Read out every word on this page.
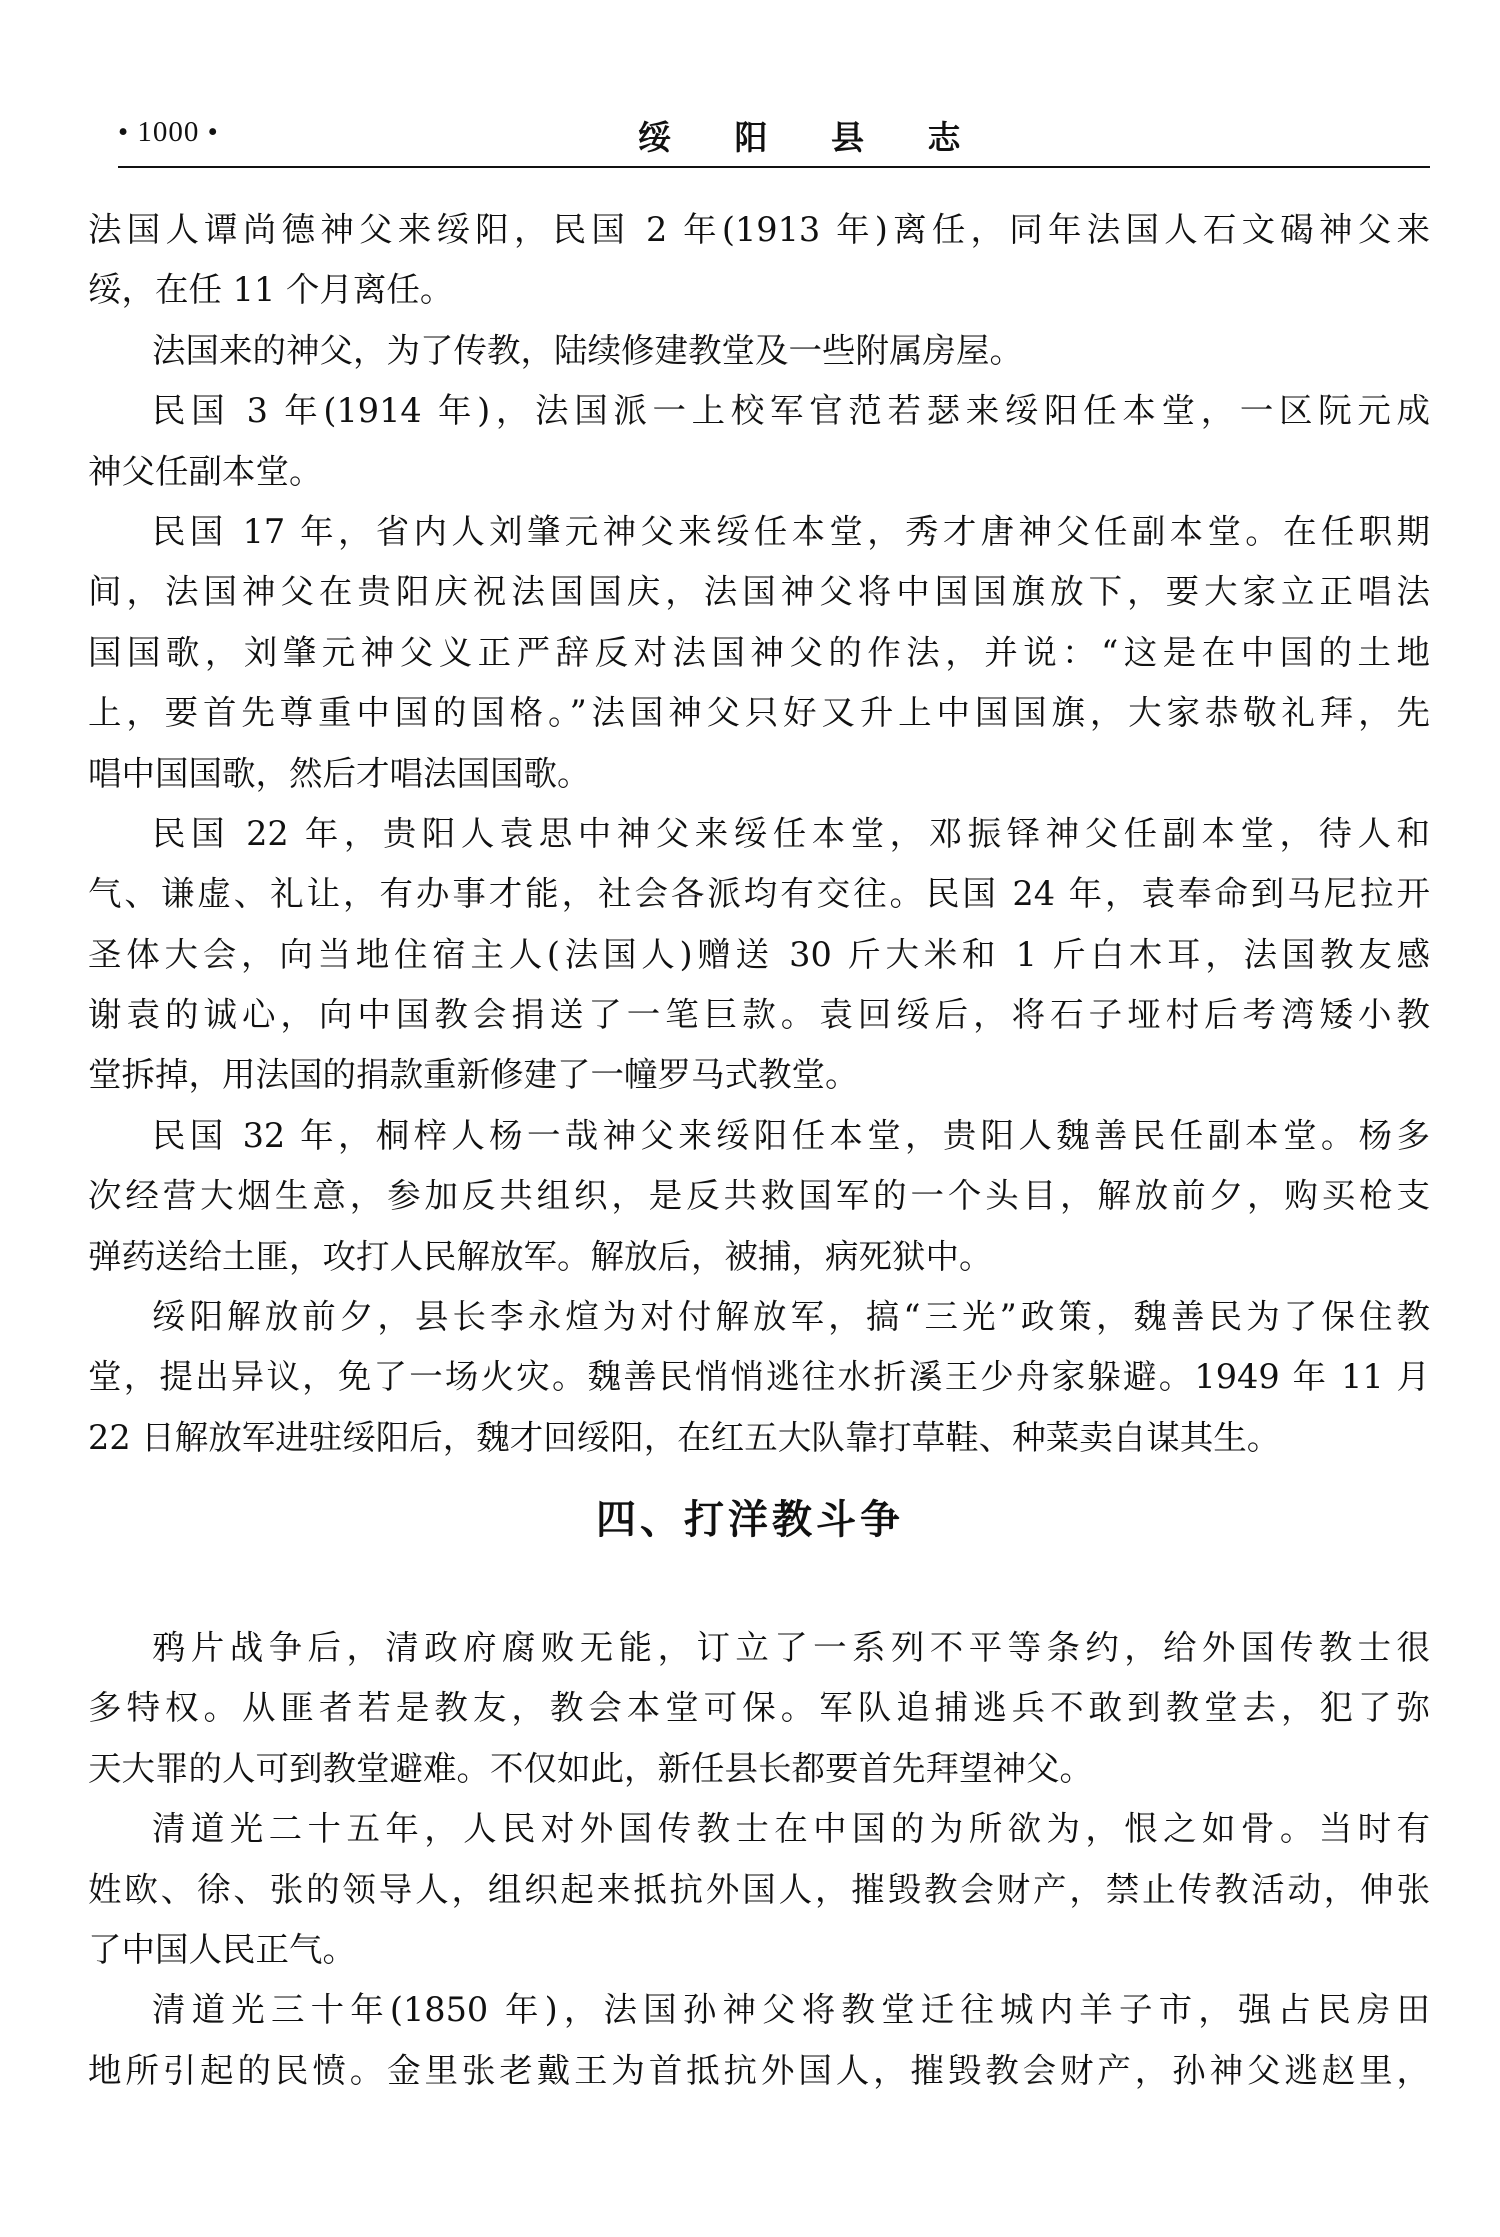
• 1000 •	绥 阳 县 志
法国人谭尚德神父来绥阳，民国 2 年(1913 年)离任，同年法国人石文碣神父来
绥，在任 11 个月离任。
法国来的神父，为了传教，陆续修建教堂及一些附属房屋。
民国 3 年(1914 年)，法国派一上校军官范若瑟来绥阳任本堂，一区阮元成
神父任副本堂。
民国 17 年，省内人刘肇元神父来绥任本堂，秀才唐神父任副本堂。在任职期
间，法国神父在贵阳庆祝法国国庆，法国神父将中国国旗放下，要大家立正唱法
国国歌，刘肇元神父义正严辞反对法国神父的作法，并说：“这是在中国的土地
上，要首先尊重中国的国格。”法国神父只好又升上中国国旗，大家恭敬礼拜，先
唱中国国歌，然后才唱法国国歌。
民国 22 年，贵阳人袁思中神父来绥任本堂，邓振铎神父任副本堂，待人和
气、谦虚、礼让，有办事才能，社会各派均有交往。民国 24 年，袁奉命到马尼拉开
圣体大会，向当地住宿主人(法国人)赠送 30 斤大米和 1 斤白木耳，法国教友感
谢袁的诚心，向中国教会捐送了一笔巨款。袁回绥后，将石子垭村后考湾矮小教
堂拆掉，用法国的捐款重新修建了一幢罗马式教堂。
民国 32 年，桐梓人杨一哉神父来绥阳任本堂，贵阳人魏善民任副本堂。杨多
次经营大烟生意，参加反共组织，是反共救国军的一个头目，解放前夕，购买枪支
弹药送给土匪，攻打人民解放军。解放后，被捕，病死狱中。
绥阳解放前夕，县长李永煊为对付解放军，搞“三光”政策，魏善民为了保住教
堂，提出异议，免了一场火灾。魏善民悄悄逃往水折溪王少舟家躲避。1949 年 11 月
22 日解放军进驻绥阳后，魏才回绥阳，在红五大队靠打草鞋、种菜卖自谋其生。
四、打洋教斗争
鸦片战争后，清政府腐败无能，订立了一系列不平等条约，给外国传教士很
多特权。从匪者若是教友，教会本堂可保。军队追捕逃兵不敢到教堂去，犯了弥
天大罪的人可到教堂避难。不仅如此，新任县长都要首先拜望神父。
清道光二十五年，人民对外国传教士在中国的为所欲为，恨之如骨。当时有
姓欧、徐、张的领导人，组织起来抵抗外国人，摧毁教会财产，禁止传教活动，伸张
了中国人民正气。
清道光三十年(1850 年)，法国孙神父将教堂迁往城内羊子市，强占民房田
地所引起的民愤。金里张老戴王为首抵抗外国人，摧毁教会财产，孙神父逃赵里，
